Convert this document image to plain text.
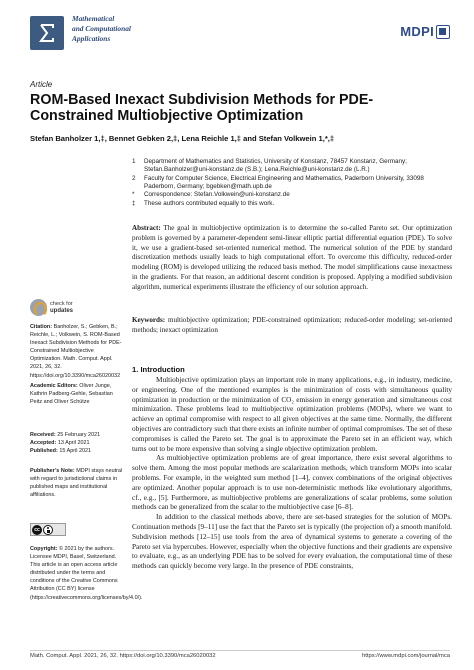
Mathematical
and Computational
Applications	MDPI
Article
ROM-Based Inexact Subdivision Methods for PDE-Constrained Multiobjective Optimization
Stefan Banholzer 1,‡, Bennet Gebken 2,‡, Lena Reichle 1,‡ and Stefan Volkwein 1,*,‡
1	Department of Mathematics and Statistics, University of Konstanz, 78457 Konstanz, Germany; Stefan.Banholzer@uni-konstanz.de (S.B.); Lena.Reichle@uni-konstanz.de (L.R.)
2	Faculty for Computer Science, Electrical Engineering and Mathematics, Paderborn University, 33098 Paderborn, Germany; bgebken@math.upb.de
*	Correspondence: Stefan.Volkwein@uni-konstanz.de
‡	These authors contributed equally to this work.
Abstract: The goal in multiobjective optimization is to determine the so-called Pareto set. Our optimization problem is governed by a parameter-dependent semi-linear elliptic partial differential equation (PDE). To solve it, we use a gradient-based set-oriented numerical method. The numerical solution of the PDE by standard discretization methods usually leads to high computational effort. To overcome this difficulty, reduced-order modeling (ROM) is developed utilizing the reduced basis method. The model simplifications cause inexactness in the gradients. For that reason, an additional descent condition is proposed. Applying a modified subdivision algorithm, numerical experiments illustrate the efficiency of our solution approach.
Keywords: multiobjective optimization; PDE-constrained optimization; reduced-order modeling; set-oriented methods; inexact optimization
check for
updates
Citation: Banholzer, S.; Gebken, B.; Reichle, L.; Volkwein, S. ROM-Based Inexact Subdivision Methods for PDE-Constrained Multiobjective Optimization. Math. Comput. Appl. 2021, 26, 32. https://doi.org/10.3390/mca26020032
Academic Editors: Oliver Junge, Kathrin Padberg-Gehle, Sebastian Peitz and Oliver Schütze
Received: 25 February 2021
Accepted: 13 April 2021
Published: 15 April 2021
Publisher’s Note: MDPI stays neutral with regard to jurisdictional claims in published maps and institutional affiliations.
cc
Copyright: © 2021 by the authors. Licensee MDPI, Basel, Switzerland. This article is an open access article distributed under the terms and conditions of the Creative Commons Attribution (CC BY) license (https://creativecommons.org/licenses/by/4.0/).
1. Introduction

Multiobjective optimization plays an important role in many applications, e.g., in industry, medicine, or engineering. One of the mentioned examples is the minimization of costs with simultaneous quality optimization in production or the minimization of CO₂ emission in energy generation and simultaneous cost minimization. These problems lead to multiobjective optimization problems (MOPs), where we want to achieve an optimal compromise with respect to all given objectives at the same time. Normally, the different objectives are contradictory such that there exists an infinite number of optimal compromises. The set of these compromises is called the Pareto set. The goal is to approximate the Pareto set in an efficient way, which turns out to be more expensive than solving a single objective optimization problem.

As multiobjective optimization problems are of great importance, there exist several algorithms to solve them. Among the most popular methods are scalarization methods, which transform MOPs into scalar problems. For example, in the weighted sum method [1–4], convex combinations of the original objectives are optimized. Another popular approach is to use non-deterministic methods like evolutionary algorithms, cf., e.g., [5]. Furthermore, as multiobjective problems are generalizations of scalar problems, some solution methods can be generalized from the scalar to the multiobjective case [6–8].

In addition to the classical methods above, there are set-based strategies for the solution of MOPs. Continuation methods [9–11] use the fact that the Pareto set is typically (the projection of) a smooth manifold. Subdivision methods [12–15] use tools from the area of dynamical systems to generate a covering of the Pareto set via hypercubes. However, especially when the objective functions and their gradients are expensive to evaluate, e.g., as an underlying PDE has to be solved for every evaluation, the computational time of these methods can quickly become very large. In the presence of PDE constraints,

Math. Comput. Appl. 2021, 26, 32. https://doi.org/10.3390/mca26020032	https://www.mdpi.com/journal/mca
